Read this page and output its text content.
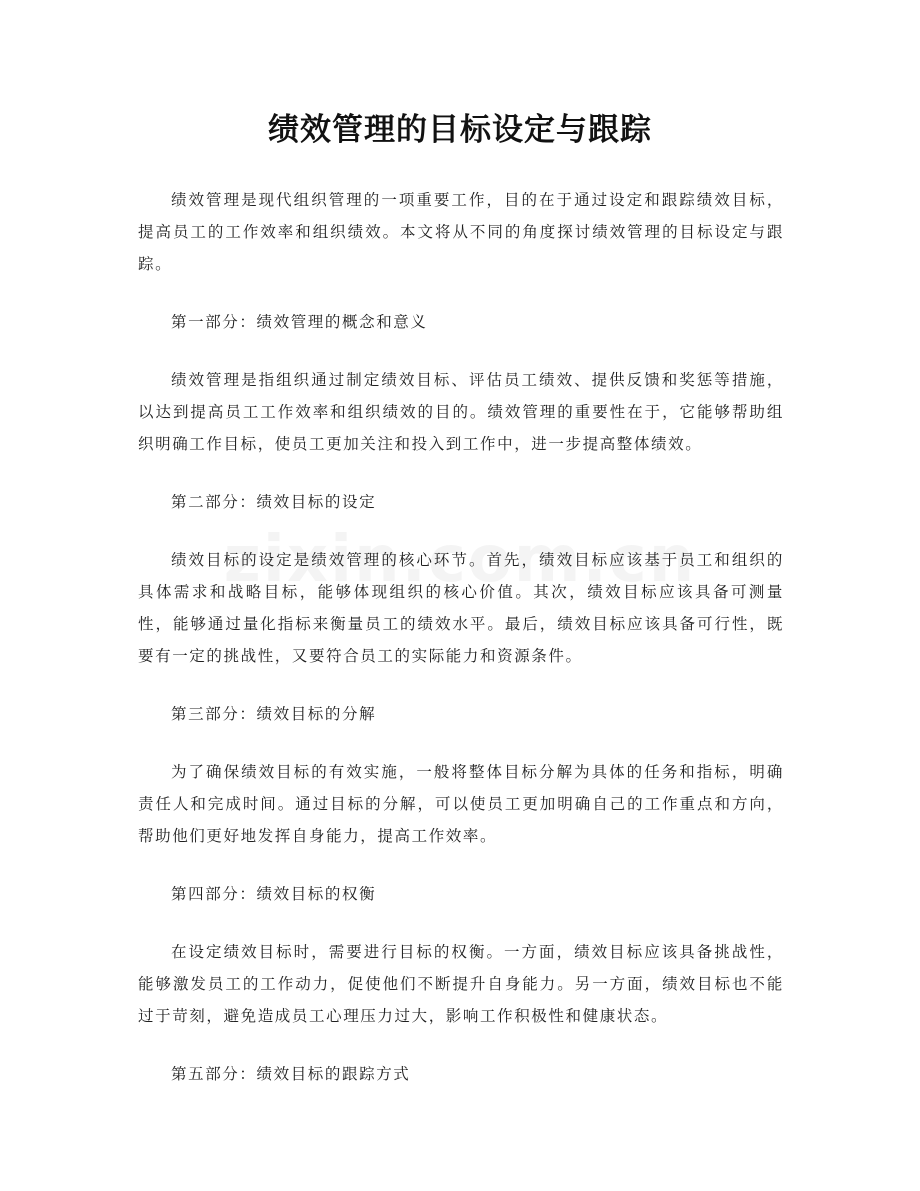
绩效管理的目标设定与跟踪

绩效管理是现代组织管理的一项重要工作，目的在于通过设定和跟踪绩效目标，提高员工的工作效率和组织绩效。本文将从不同的角度探讨绩效管理的目标设定与跟踪。

第一部分：绩效管理的概念和意义

绩效管理是指组织通过制定绩效目标、评估员工绩效、提供反馈和奖惩等措施，以达到提高员工工作效率和组织绩效的目的。绩效管理的重要性在于，它能够帮助组织明确工作目标，使员工更加关注和投入到工作中，进一步提高整体绩效。

第二部分：绩效目标的设定

绩效目标的设定是绩效管理的核心环节。首先，绩效目标应该基于员工和组织的具体需求和战略目标，能够体现组织的核心价值。其次，绩效目标应该具备可测量性，能够通过量化指标来衡量员工的绩效水平。最后，绩效目标应该具备可行性，既要有一定的挑战性，又要符合员工的实际能力和资源条件。

第三部分：绩效目标的分解

为了确保绩效目标的有效实施，一般将整体目标分解为具体的任务和指标，明确责任人和完成时间。通过目标的分解，可以使员工更加明确自己的工作重点和方向，帮助他们更好地发挥自身能力，提高工作效率。

第四部分：绩效目标的权衡

在设定绩效目标时，需要进行目标的权衡。一方面，绩效目标应该具备挑战性，能够激发员工的工作动力，促使他们不断提升自身能力。另一方面，绩效目标也不能过于苛刻，避免造成员工心理压力过大，影响工作积极性和健康状态。

第五部分：绩效目标的跟踪方式
